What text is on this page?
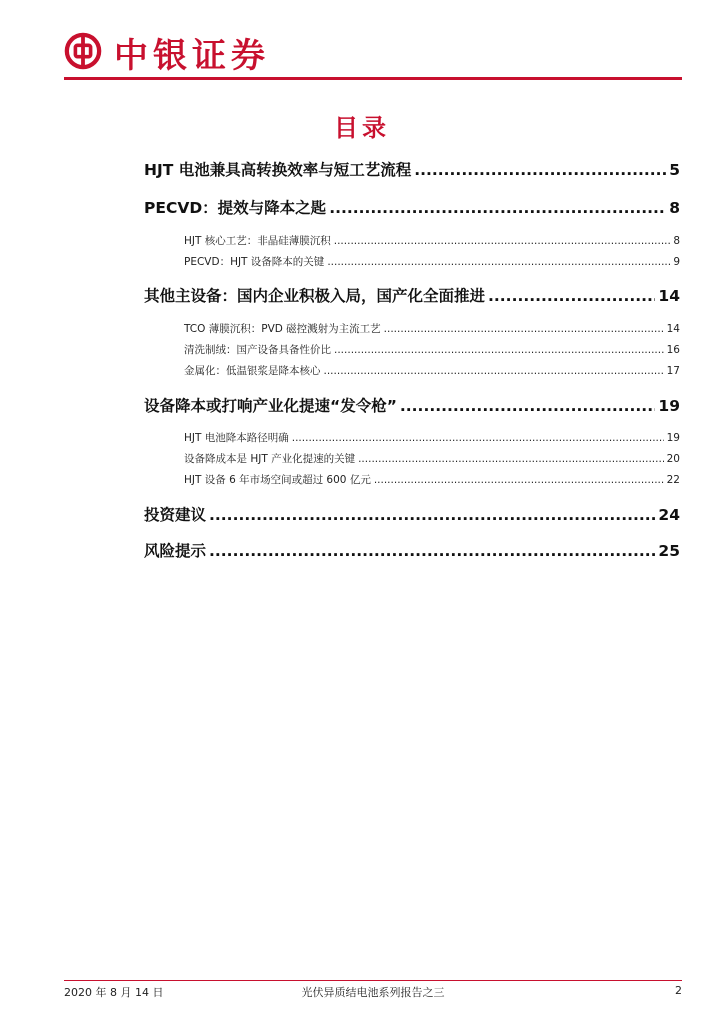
中银证券
目录
HJT 电池兼具高转换效率与短工艺流程 .....	5
PECVD：提效与降本之匙 .....	8
HJT 核心工艺：非晶硅薄膜沉积 .....	8
PECVD：HJT 设备降本的关键 .....	9
其他主设备：国内企业积极入局，国产化全面推进 .....	14
TCO 薄膜沉积：PVD 磁控溅射为主流工艺 .....	14
清洗制绒：国产设备具备性价比 .....	16
金属化：低温银浆是降本核心 .....	17
设备降本或打响产业化提速“发令枪” .....	19
HJT 电池降本路径明确 .....	19
设备降成本是 HJT 产业化提速的关键 .....	20
HJT 设备 6 年市场空间或超过 600 亿元 .....	22
投资建议 .....	24
风险提示 .....	25
2020 年 8 月 14 日	光伏异质结电池系列报告之三	2
